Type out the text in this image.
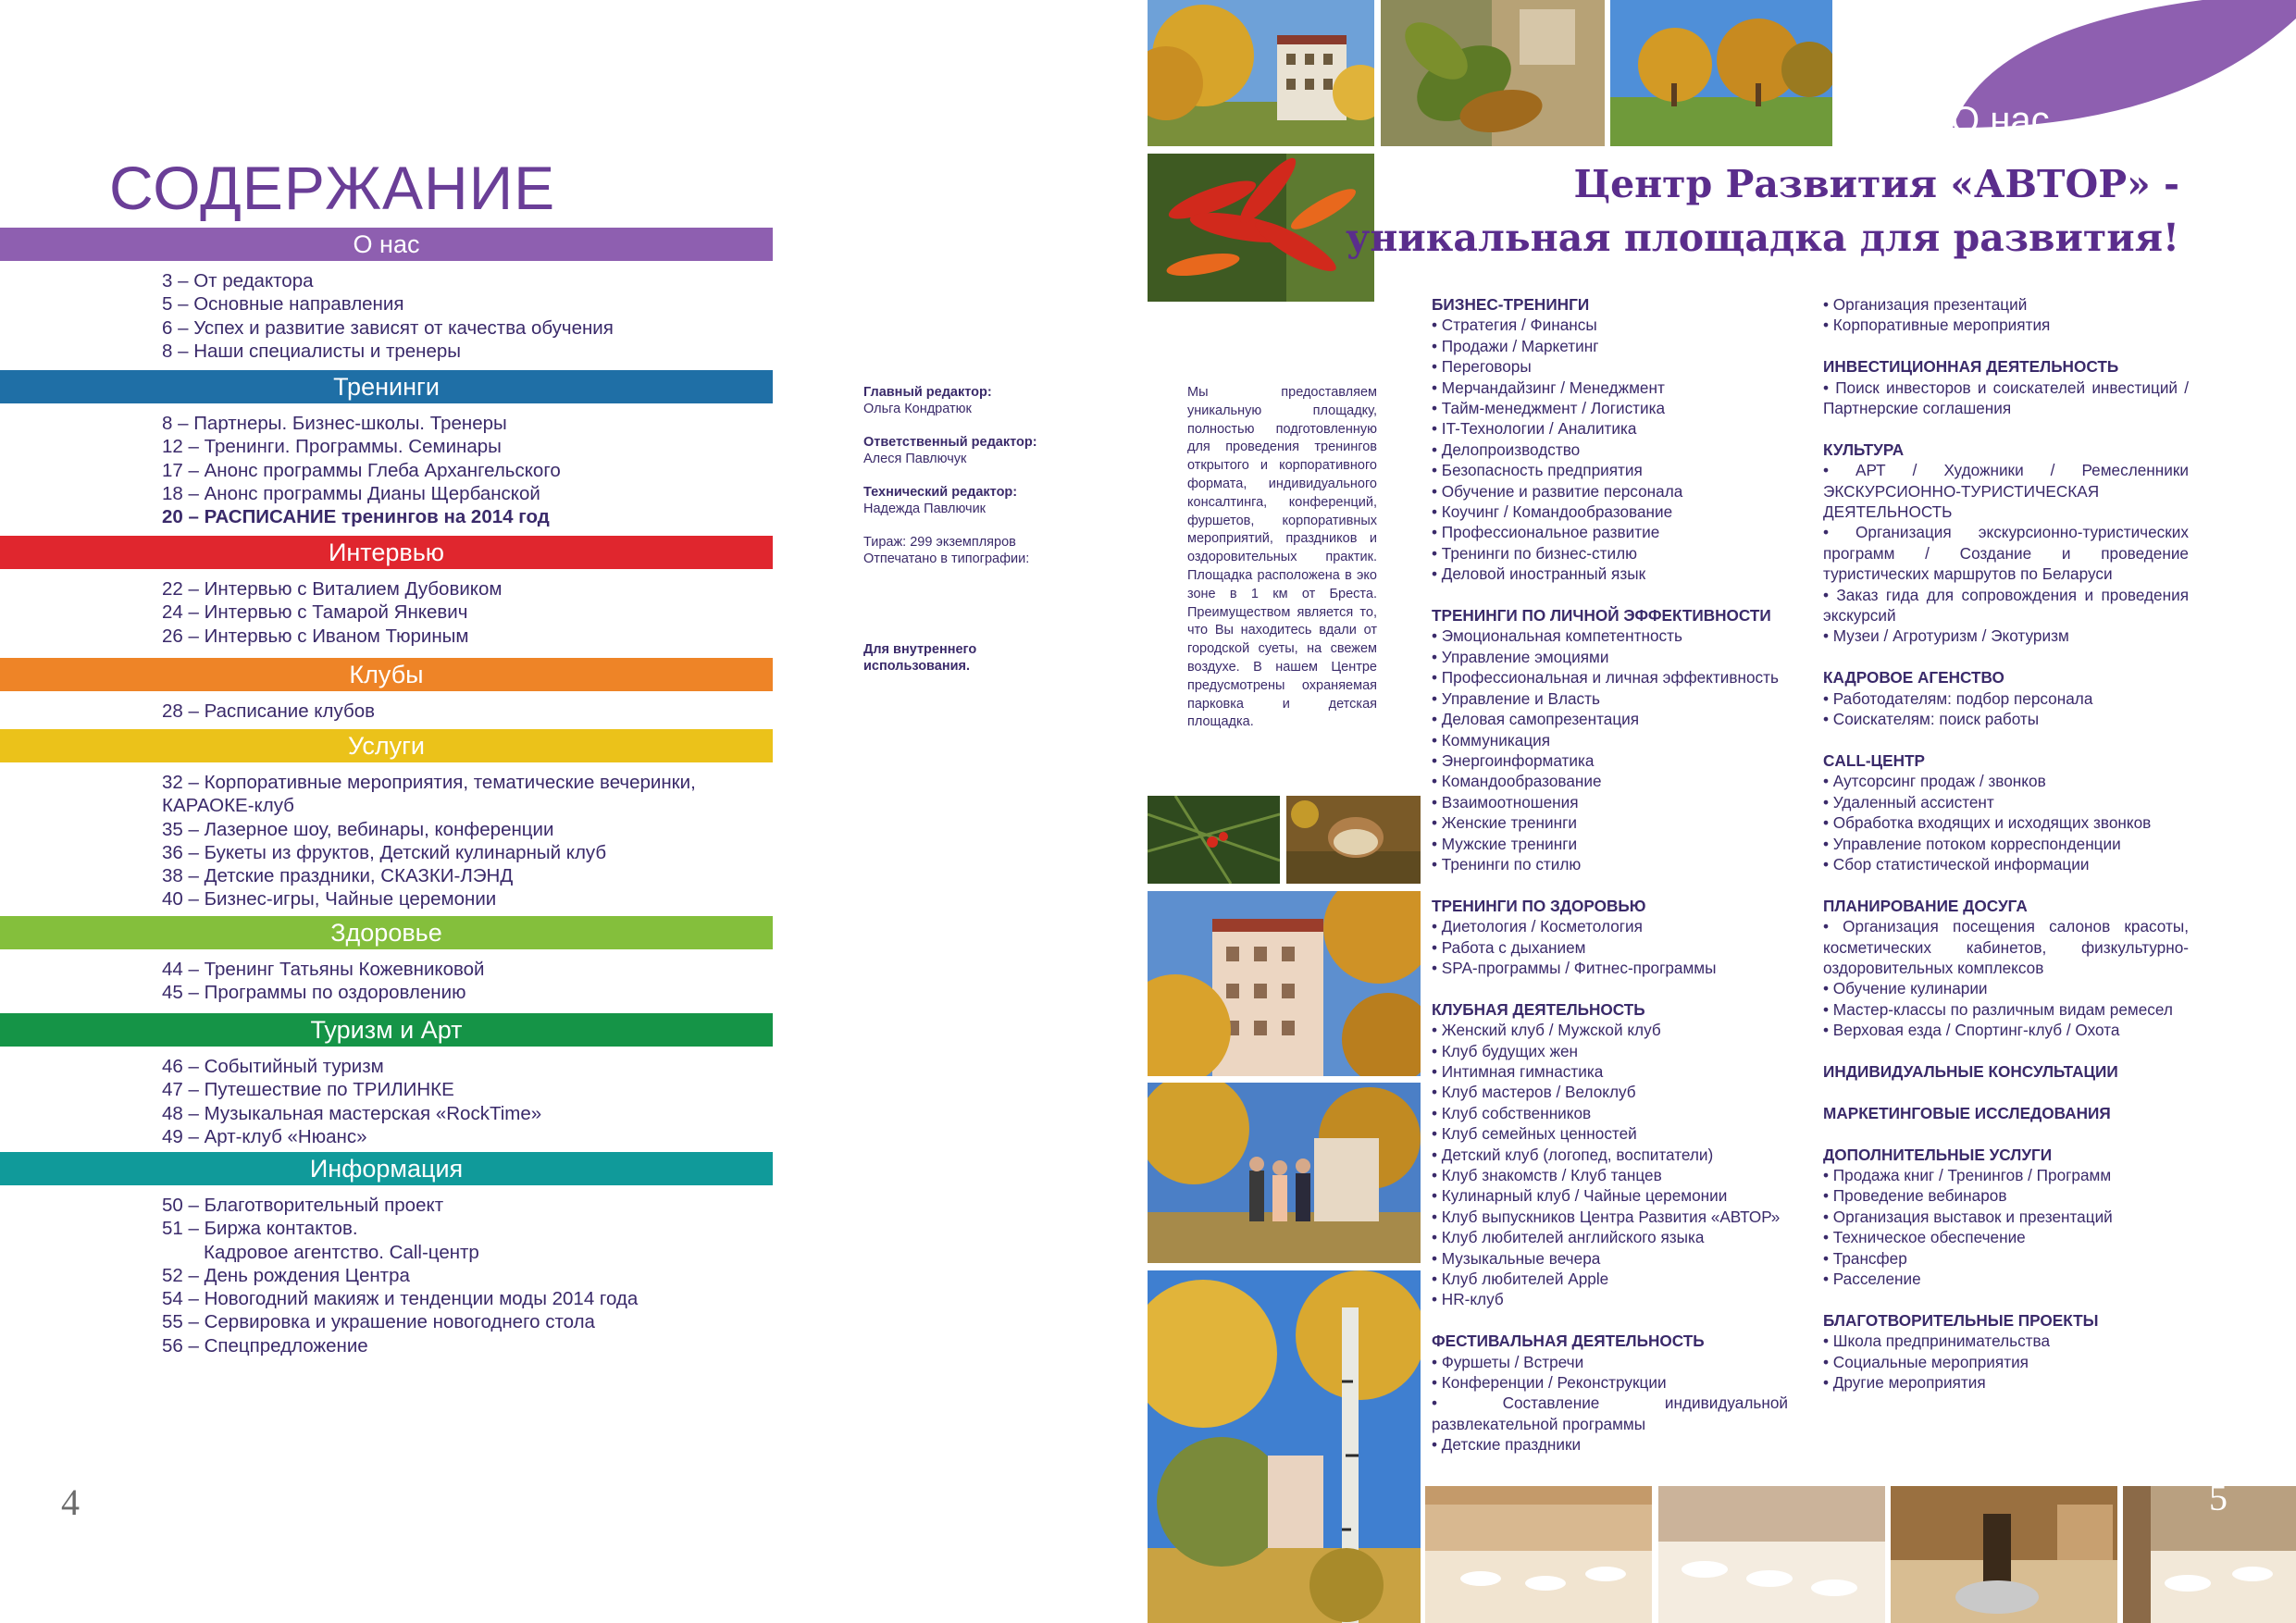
СОДЕРЖАНИЕ
О нас
3 – От редактора
5 – Основные направления
6 – Успех и развитие зависят от качества обучения
8 – Наши специалисты и тренеры
Тренинги
8 – Партнеры. Бизнес-школы. Тренеры
12 – Тренинги. Программы. Семинары
17 – Анонс программы Глеба Архангельского
18 – Анонс программы Дианы Щербанской
20 – РАСПИСАНИЕ тренингов на 2014 год
Интервью
22 – Интервью с Виталием Дубовиком
24 – Интервью с Тамарой Янкевич
26 – Интервью с Иваном Тюриным
Клубы
28 – Расписание клубов
Услуги
32 – Корпоративные мероприятия, тематические вечеринки,
КАРАОКЕ-клуб
35 – Лазерное шоу, вебинары, конференции
36 – Букеты из фруктов, Детский кулинарный клуб
38 – Детские праздники, СКАЗКИ-ЛЭНД
40 – Бизнес-игры, Чайные церемонии
Здоровье
44 – Тренинг Татьяны Кожевниковой
45 – Программы по оздоровлению
Туризм и Арт
46 – Событийный туризм
47 – Путешествие по ТРИЛИНКЕ
48 – Музыкальная мастерская «RockTime»
49 – Арт-клуб «Нюанс»
Информация
50 – Благотворительный проект
51 – Биржа контактов.
Кадровое агентство. Call-центр
52 – День рождения Центра
54 – Новогодний макияж и тенденции моды 2014 года
55 – Сервировка и украшение новогоднего стола
56 – Спецпредложение
Главный редактор:
Ольга Кондратюк
Ответственный редактор:
Алеся Павлючук
Технический редактор:
Надежда Павлючик
Тираж: 299 экземпляров
Отпечатано в типографии:
Для внутреннего использования.
Мы предоставляем уникальную площадку, полностью подготовленную для проведения тренингов открытого и корпоративного формата, индивидуального консалтинга, конференций, фуршетов, корпоративных мероприятий, праздников и оздоровительных практик. Площадка расположена в эко зоне в 1 км от Бреста. Преимуществом является то, что Вы находитесь вдали от городской суеты, на свежем воздухе. В нашем Центре предусмотрены охраняемая парковка и детская площадка.
4
О нас
Центр Развития «АВТОР» -
уникальная площадка для развития!
БИЗНЕС-ТРЕНИНГИ
• Стратегия / Финансы
• Продажи / Маркетинг
• Переговоры
• Мерчандайзинг / Менеджмент
• Тайм-менеджмент / Логистика
• IT-Технологии / Аналитика
• Делопроизводство
• Безопасность предприятия
• Обучение и развитие персонала
• Коучинг / Командообразование
• Профессиональное развитие
• Тренинги по бизнес-стилю
• Деловой иностранный язык
ТРЕНИНГИ ПО ЛИЧНОЙ ЭФФЕКТИВНОСТИ
• Эмоциональная компетентность
• Управление эмоциями
• Профессиональная и личная эффективность
• Управление и Власть
• Деловая самопрезентация
• Коммуникация
• Энергоинформатика
• Командообразование
• Взаимоотношения
• Женские тренинги
• Мужские тренинги
• Тренинги по стилю
ТРЕНИНГИ ПО ЗДОРОВЬЮ
• Диетология / Косметология
• Работа с дыханием
• SPA-программы / Фитнес-программы
КЛУБНАЯ ДЕЯТЕЛЬНОСТЬ
• Женский клуб / Мужской клуб
• Клуб будущих жен
• Интимная гимнастика
• Клуб мастеров / Велоклуб
• Клуб собственников
• Клуб семейных ценностей
• Детский клуб (логопед, воспитатели)
• Клуб знакомств / Клуб танцев
• Кулинарный клуб / Чайные церемонии
• Клуб выпускников Центра Развития «АВТОР»
• Клуб любителей английского языка
• Музыкальные вечера
• Клуб любителей Apple
• HR-клуб
ФЕСТИВАЛЬНАЯ ДЕЯТЕЛЬНОСТЬ
• Фуршеты / Встречи
• Конференции / Реконструкции
• Составление индивидуальной развлекательной программы
• Детские праздники
• Организация презентаций
• Корпоративные мероприятия
ИНВЕСТИЦИОННАЯ ДЕЯТЕЛЬНОСТЬ
• Поиск инвесторов и соискателей инвестиций / Партнерские соглашения
КУЛЬТУРА
• АРТ / Художники / Ремесленники ЭКСКУРСИОННО-ТУРИСТИЧЕСКАЯ ДЕЯТЕЛЬНОСТЬ
• Организация экскурсионно-туристических программ / Создание и проведение туристических маршрутов по Беларуси
• Заказ гида для сопровождения и проведения экскурсий
• Музеи / Агротуризм / Экотуризм
КАДРОВОЕ АГЕНСТВО
• Работодателям: подбор персонала
• Соискателям: поиск работы
CALL-ЦЕНТР
• Аутсорсинг продаж / звонков
• Удаленный ассистент
• Обработка входящих и исходящих звонков
• Управление потоком корреспонденции
• Сбор статистической информации
ПЛАНИРОВАНИЕ ДОСУГА
• Организация посещения салонов красоты, косметических кабинетов, физкультурно-оздоровительных комплексов
• Обучение кулинарии
• Мастер-классы по различным видам ремесел
• Верховая езда / Спортинг-клуб / Охота
ИНДИВИДУАЛЬНЫЕ КОНСУЛЬТАЦИИ
МАРКЕТИНГОВЫЕ ИССЛЕДОВАНИЯ
ДОПОЛНИТЕЛЬНЫЕ УСЛУГИ
• Продажа книг / Тренингов / Программ
• Проведение вебинаров
• Организация выставок и презентаций
• Техническое обеспечение
• Трансфер
• Расселение
БЛАГОТВОРИТЕЛЬНЫЕ ПРОЕКТЫ
• Школа предпринимательства
• Социальные мероприятия
• Другие мероприятия
5
